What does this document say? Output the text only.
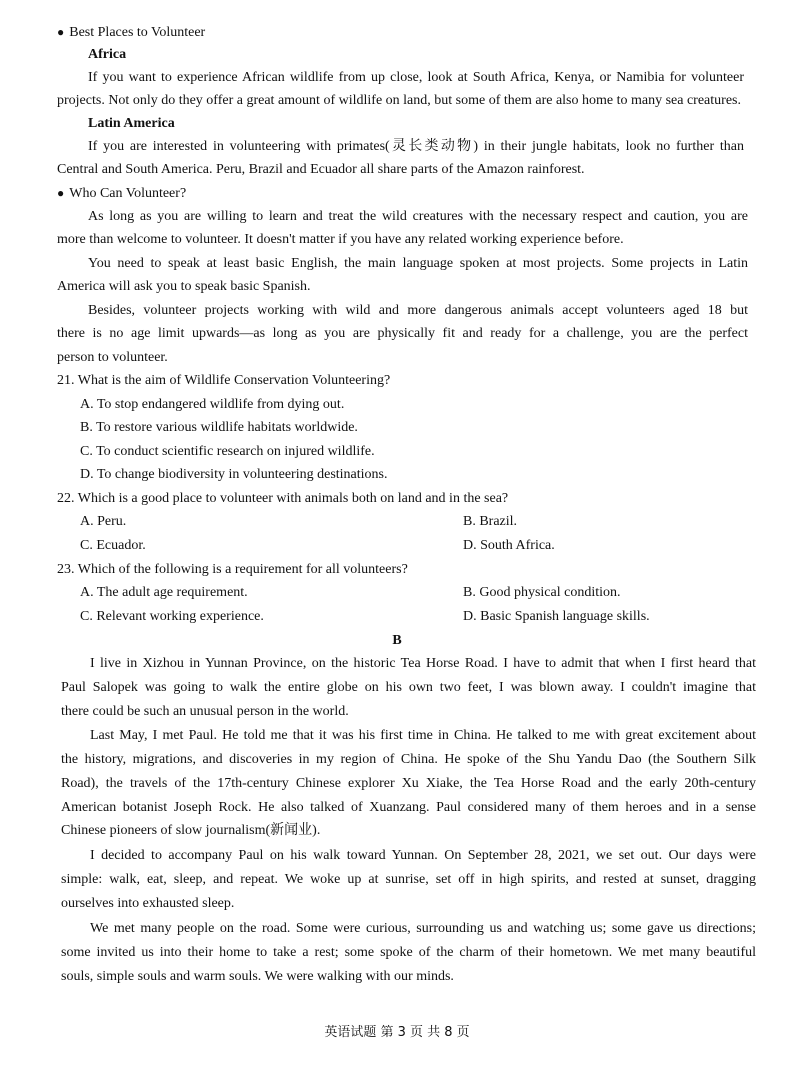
● Best Places to Volunteer
Africa
If you want to experience African wildlife from up close, look at South Africa, Kenya, or Namibia for volunteer
projects. Not only do they offer a great amount of wildlife on land, but some of them are also home to many sea creatures.
Latin America
If you are interested in volunteering with primates(灵长类动物) in their jungle habitats, look no further than
Central and South America. Peru, Brazil and Ecuador all share parts of the Amazon rainforest.
● Who Can Volunteer?
As long as you are willing to learn and treat the wild creatures with the necessary respect and caution, you are
more than welcome to volunteer. It doesn't matter if you have any related working experience before.
You need to speak at least basic English, the main language spoken at most projects. Some projects in Latin
America will ask you to speak basic Spanish.
Besides, volunteer projects working with wild and more dangerous animals accept volunteers aged 18 but
there is no age limit upwards—as long as you are physically fit and ready for a challenge, you are the perfect
person to volunteer.
21. What is the aim of Wildlife Conservation Volunteering?
A. To stop endangered wildlife from dying out.
B. To restore various wildlife habitats worldwide.
C. To conduct scientific research on injured wildlife.
D. To change biodiversity in volunteering destinations.
22. Which is a good place to volunteer with animals both on land and in the sea?
A. Peru.	B. Brazil.
C. Ecuador.	D. South Africa.
23. Which of the following is a requirement for all volunteers?
A. The adult age requirement.	B. Good physical condition.
C. Relevant working experience.	D. Basic Spanish language skills.
B
I live in Xizhou in Yunnan Province, on the historic Tea Horse Road. I have to admit that when I first heard that
Paul Salopek was going to walk the entire globe on his own two feet, I was blown away. I couldn't imagine that
there could be such an unusual person in the world.
Last May, I met Paul. He told me that it was his first time in China. He talked to me with great excitement about
the history, migrations, and discoveries in my region of China. He spoke of the Shu Yandu Dao (the Southern Silk
Road), the travels of the 17th-century Chinese explorer Xu Xiake, the Tea Horse Road and the early 20th-century
American botanist Joseph Rock. He also talked of Xuanzang. Paul considered many of them heroes and in a sense
Chinese pioneers of slow journalism(新闻业).
I decided to accompany Paul on his walk toward Yunnan. On September 28, 2021, we set out. Our days were
simple: walk, eat, sleep, and repeat. We woke up at sunrise, set off in high spirits, and rested at sunset, dragging
ourselves into exhausted sleep.
We met many people on the road. Some were curious, surrounding us and watching us; some gave us directions;
some invited us into their home to take a rest; some spoke of the charm of their hometown. We met many beautiful
souls, simple souls and warm souls. We were walking with our minds.
英语试题 第 3 页 共 8 页
